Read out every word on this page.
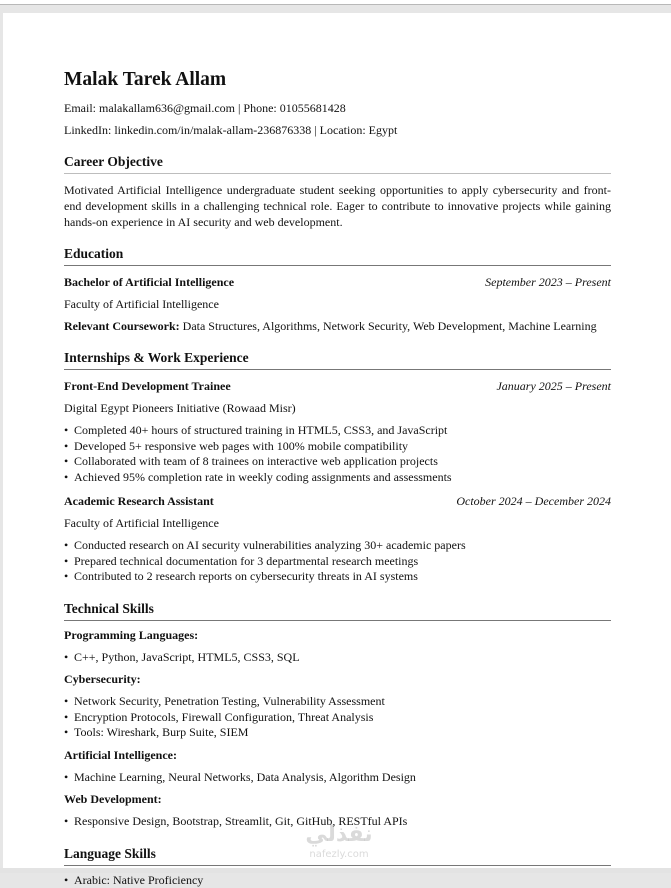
Malak Tarek Allam
Email: malakallam636@gmail.com | Phone: 01055681428
LinkedIn: linkedin.com/in/malak-allam-236876338 | Location: Egypt
Career Objective
Motivated Artificial Intelligence undergraduate student seeking opportunities to apply cybersecurity and front-end development skills in a challenging technical role. Eager to contribute to innovative projects while gaining hands-on experience in AI security and web development.
Education
Bachelor of Artificial Intelligence	September 2023 – Present
Faculty of Artificial Intelligence
Relevant Coursework: Data Structures, Algorithms, Network Security, Web Development, Machine Learning
Internships & Work Experience
Front-End Development Trainee	January 2025 – Present
Digital Egypt Pioneers Initiative (Rowaad Misr)
• Completed 40+ hours of structured training in HTML5, CSS3, and JavaScript
• Developed 5+ responsive web pages with 100% mobile compatibility
• Collaborated with team of 8 trainees on interactive web application projects
• Achieved 95% completion rate in weekly coding assignments and assessments
Academic Research Assistant	October 2024 – December 2024
Faculty of Artificial Intelligence
• Conducted research on AI security vulnerabilities analyzing 30+ academic papers
• Prepared technical documentation for 3 departmental research meetings
• Contributed to 2 research reports on cybersecurity threats in AI systems
Technical Skills
Programming Languages:
• C++, Python, JavaScript, HTML5, CSS3, SQL
Cybersecurity:
• Network Security, Penetration Testing, Vulnerability Assessment
• Encryption Protocols, Firewall Configuration, Threat Analysis
• Tools: Wireshark, Burp Suite, SIEM
Artificial Intelligence:
• Machine Learning, Neural Networks, Data Analysis, Algorithm Design
Web Development:
• Responsive Design, Bootstrap, Streamlit, Git, GitHub, RESTful APIs
Language Skills
• Arabic: Native Proficiency
نفذلي
nafezly.com
